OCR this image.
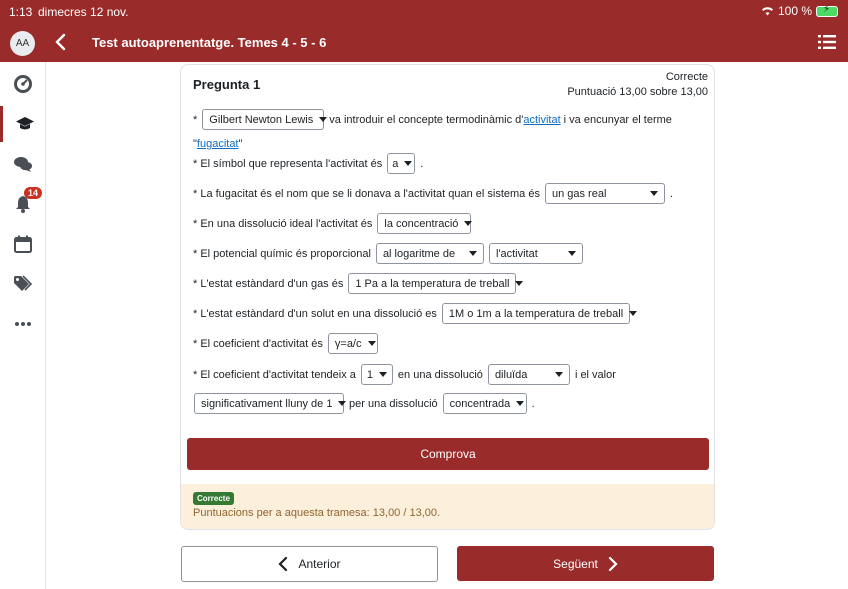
1:13 dimecres 12 nov.	100 %
⚡
Test autoaprenentatge. Temes 4 - 5 - 6
AA
14
Pregunta 1	Correcte
Puntuació 13,00 sobre 13,00
* Gilbert Newton Lewis va introduir el concepte termodinàmic d' activitat i va encunyar el terme
" fugacitat "
* El símbol que representa l'activitat és a .
* La fugacitat és el nom que se li donava a l'activitat quan el sistema és un gas real	.
* En una dissolució ideal l'activitat és la concentració
* El potencial químic és proporcional al logaritme de	l'activitat
* L'estat estàndard d'un gas és 1 Pa a la temperatura de treball
* L'estat estàndard d'un solut en una dissolució es 1M o 1m a la temperatura de treball
* El coeficient d'activitat és γ=a/c
* El coeficient d'activitat tendeix a 1 en una dissolució diluïda	i el valor
significativament lluny de 1 per una dissolució concentrada .
Comprova
Correcte
Puntuacions per a aquesta tramesa: 13,00 / 13,00.
Anterior	Següent
